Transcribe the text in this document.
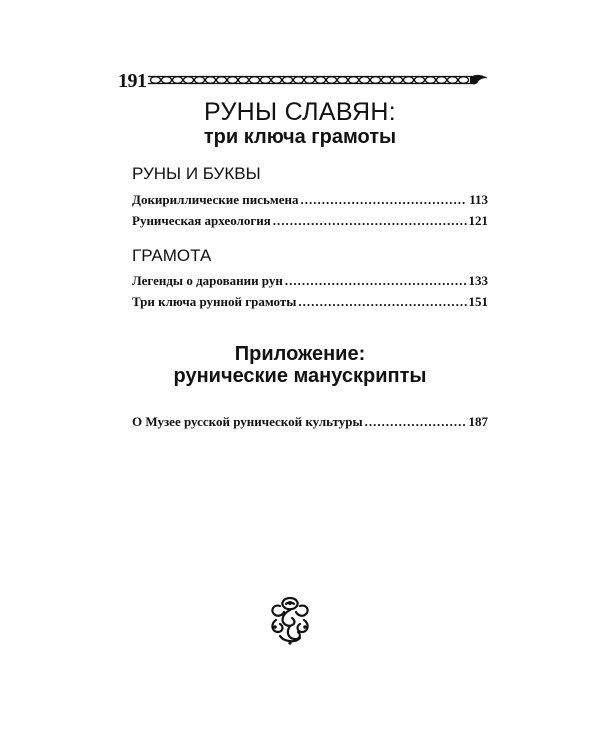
191
РУНЫ СЛАВЯН:
три ключа грамоты
РУНЫ И БУКВЫ
Докириллические письмена .....	113
Руническая археология .....	121
ГРАМОТА
Легенды о даровании рун .....	133
Три ключа рунной грамоты .....	151
Приложение:
рунические манускрипты
О Музее русской рунической культуры .....	187
